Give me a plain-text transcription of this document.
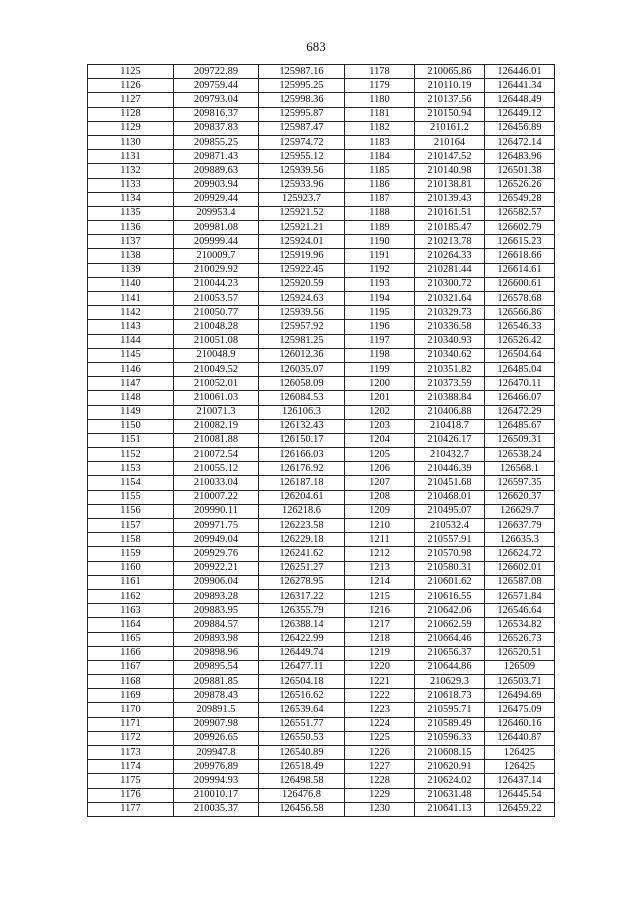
683
1125	209722.89	125987.16	1178	210065.86	126446.01
1126	209759.44	125995.25	1179	210110.19	126441.34
1127	209793.04	125998.36	1180	210137.56	126448.49
1128	209816.37	125995.87	1181	210150.94	126449.12
1129	209837.83	125987.47	1182	210161.2	126456.89
1130	209855.25	125974.72	1183	210164	126472.14
1131	209871.43	125955.12	1184	210147.52	126483.96
1132	209889.63	125939.56	1185	210140.98	126501.38
1133	209903.94	125933.96	1186	210138.81	126526.26
1134	209929.44	125923.7	1187	210139.43	126549.28
1135	209953.4	125921.52	1188	210161.51	126582.57
1136	209981.08	125921.21	1189	210185.47	126602.79
1137	209999.44	125924.01	1190	210213.78	126615.23
1138	210009.7	125919.96	1191	210264.33	126618.66
1139	210029.92	125922.45	1192	210281.44	126614.61
1140	210044.23	125920.59	1193	210300.72	126600.61
1141	210053.57	125924.63	1194	210321.64	126578.68
1142	210050.77	125939.56	1195	210329.73	126566.86
1143	210048.28	125957.92	1196	210336.58	126546.33
1144	210051.08	125981.25	1197	210340.93	126526.42
1145	210048.9	126012.36	1198	210340.62	126504.64
1146	210049.52	126035.07	1199	210351.82	126485.04
1147	210052.01	126058.09	1200	210373.59	126470.11
1148	210061.03	126084.53	1201	210388.84	126466.07
1149	210071.3	126106.3	1202	210406.88	126472.29
1150	210082.19	126132.43	1203	210418.7	126485.67
1151	210081.88	126150.17	1204	210426.17	126509.31
1152	210072.54	126166.03	1205	210432.7	126538.24
1153	210055.12	126176.92	1206	210446.39	126568.1
1154	210033.04	126187.18	1207	210451.68	126597.35
1155	210007.22	126204.61	1208	210468.01	126620.37
1156	209990.11	126218.6	1209	210495.07	126629.7
1157	209971.75	126223.58	1210	210532.4	126637.79
1158	209949.04	126229.18	1211	210557.91	126635.3
1159	209929.76	126241.62	1212	210570.98	126624.72
1160	209922.21	126251.27	1213	210580.31	126602.01
1161	209906.04	126278.95	1214	210601.62	126587.08
1162	209893.28	126317.22	1215	210616.55	126571.84
1163	209883.95	126355.79	1216	210642.06	126546.64
1164	209884.57	126388.14	1217	210662.59	126534.82
1165	209893.98	126422.99	1218	210664.46	126526.73
1166	209898.96	126449.74	1219	210656.37	126520.51
1167	209895.54	126477.11	1220	210644.86	126509
1168	209881.85	126504.18	1221	210629.3	126503.71
1169	209878.43	126516.62	1222	210618.73	126494.69
1170	209891.5	126539.64	1223	210595.71	126475.09
1171	209907.98	126551.77	1224	210589.49	126460.16
1172	209926.65	126550.53	1225	210596.33	126440.87
1173	209947.8	126540.89	1226	210608.15	126425
1174	209976.89	126518.49	1227	210620.91	126425
1175	209994.93	126498.58	1228	210624.02	126437.14
1176	210010.17	126476.8	1229	210631.48	126445.54
1177	210035.37	126456.58	1230	210641.13	126459.22
